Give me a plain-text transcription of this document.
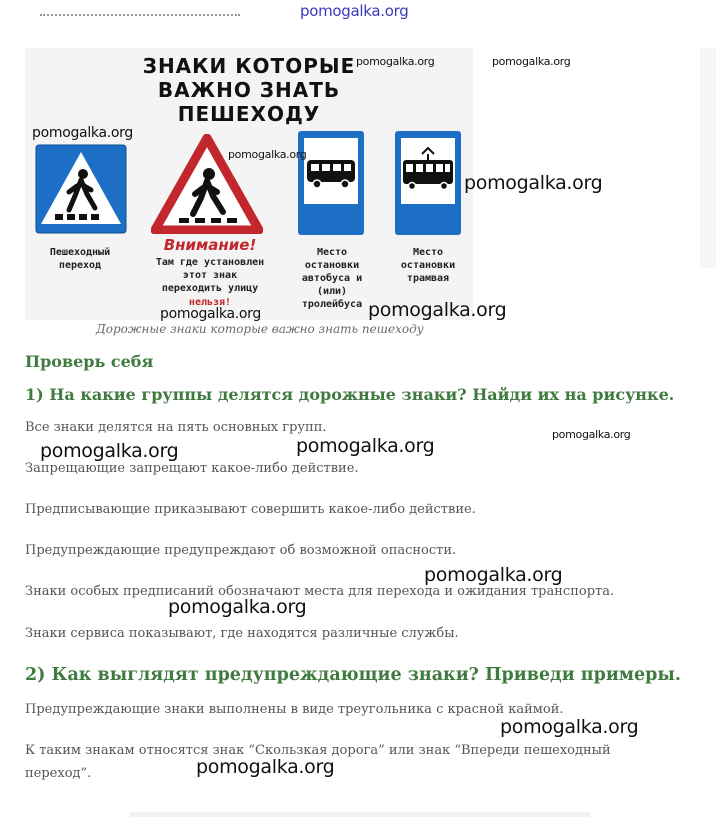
ЗНАКИ КОТОРЫЕ
ВАЖНО ЗНАТЬ
ПЕШЕХОДУ
Пешеходный
переход
Внимание!
Там где установлен
этот знак
переходить улицу
нельзя!
Место
остановки
автобуса и
(или)
тролейбуса
Место
остановки
трамвая
Дорожные знаки которые важно знать пешеходу
Проверь себя
1) На какие группы делятся дорожные знаки? Найди их на рисунке.

Все знаки делятся на пять основных групп.

Запрещающие запрещают какое-либо действие.

Предписывающие приказывают совершить какое-либо действие.

Предупреждающие предупреждают об возможной опасности.

Знаки особых предписаний обозначают места для перехода и ожидания транспорта.

Знаки сервиса показывают, где находятся различные службы.

2) Как выглядят предупреждающие знаки? Приведи примеры.

Предупреждающие знаки выполнены в виде треугольника с красной каймой.

К таким знакам относятся знак “Скользкая дорога” или знак “Впереди пешеходный переход”.

pomogalka.org
pomogalka.org	pomogalka.org
pomogalka.org
pomogalka.org
pomogalka.org
pomogalka.org
pomogalka.org
pomogalka.org	pomogalka.org
pomogalka.org
pomogalka.org
pomogalka.org
pomogalka.org
pomogalka.org
